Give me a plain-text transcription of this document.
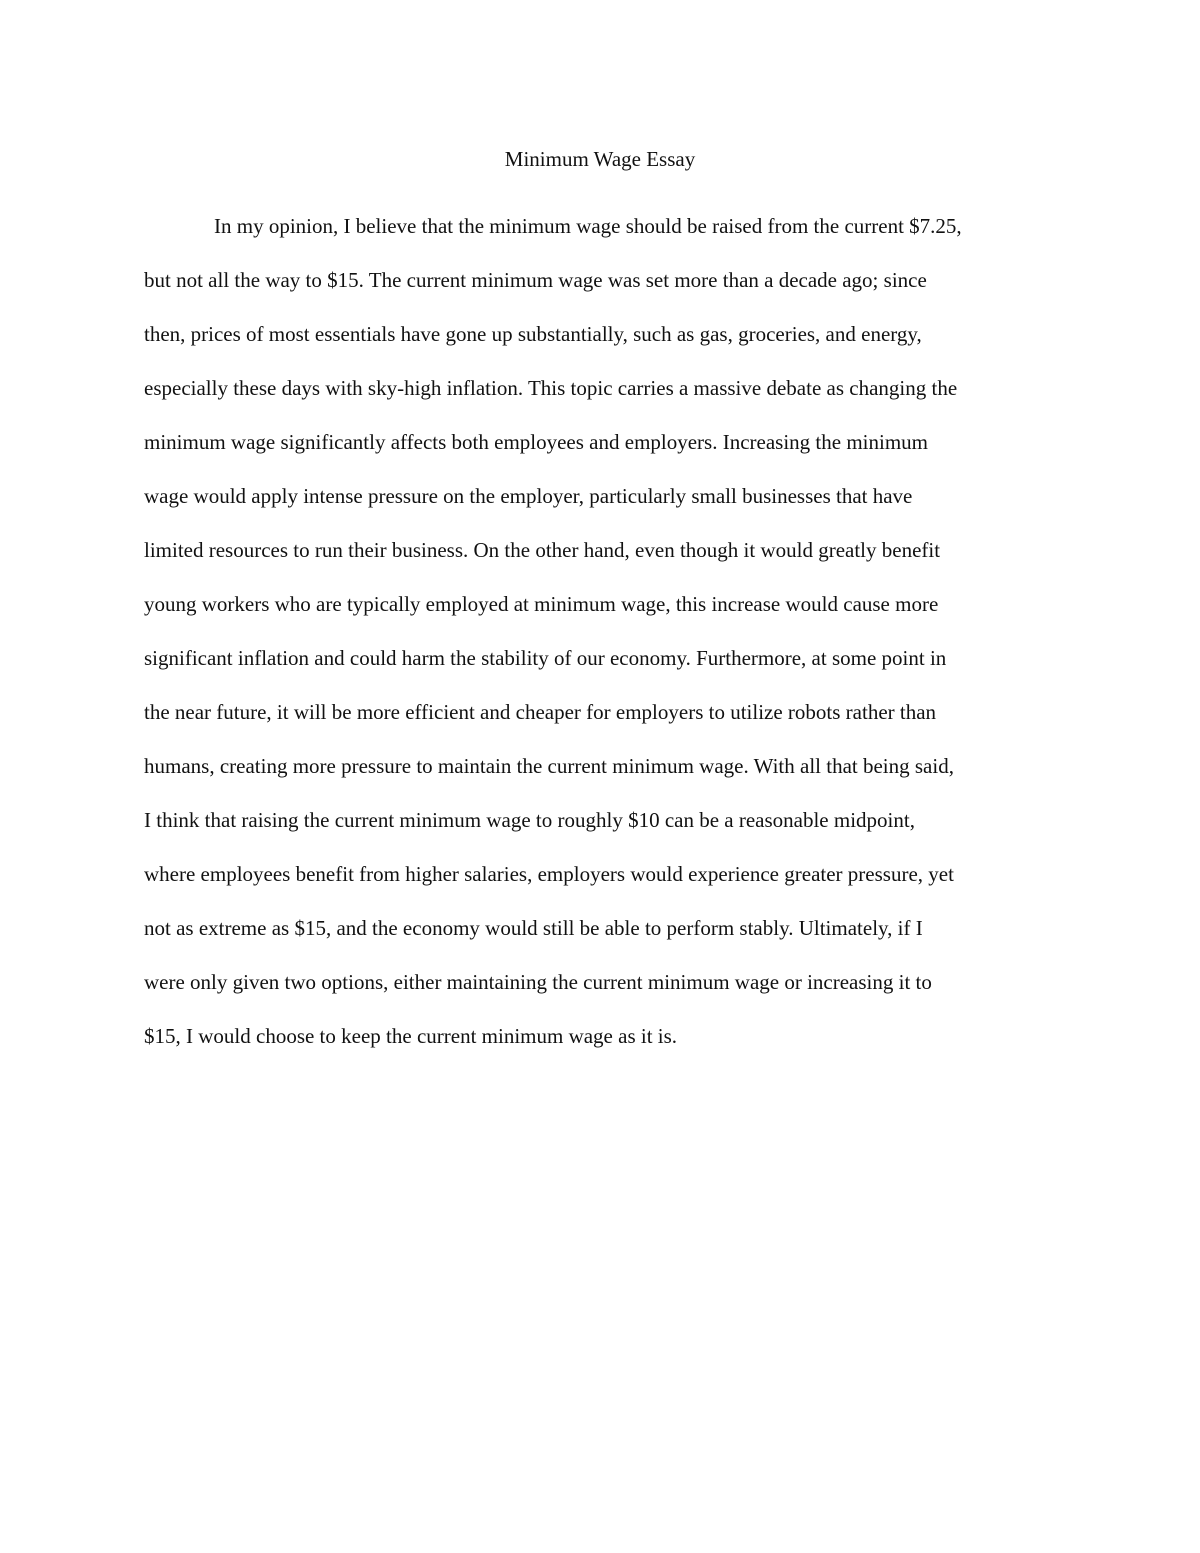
Minimum Wage Essay
In my opinion, I believe that the minimum wage should be raised from the current $7.25,
but not all the way to $15. The current minimum wage was set more than a decade ago; since
then, prices of most essentials have gone up substantially, such as gas, groceries, and energy,
especially these days with sky-high inflation. This topic carries a massive debate as changing the
minimum wage significantly affects both employees and employers. Increasing the minimum
wage would apply intense pressure on the employer, particularly small businesses that have
limited resources to run their business. On the other hand, even though it would greatly benefit
young workers who are typically employed at minimum wage, this increase would cause more
significant inflation and could harm the stability of our economy. Furthermore, at some point in
the near future, it will be more efficient and cheaper for employers to utilize robots rather than
humans, creating more pressure to maintain the current minimum wage. With all that being said,
I think that raising the current minimum wage to roughly $10 can be a reasonable midpoint,
where employees benefit from higher salaries, employers would experience greater pressure, yet
not as extreme as $15, and the economy would still be able to perform stably. Ultimately, if I
were only given two options, either maintaining the current minimum wage or increasing it to
$15, I would choose to keep the current minimum wage as it is.
